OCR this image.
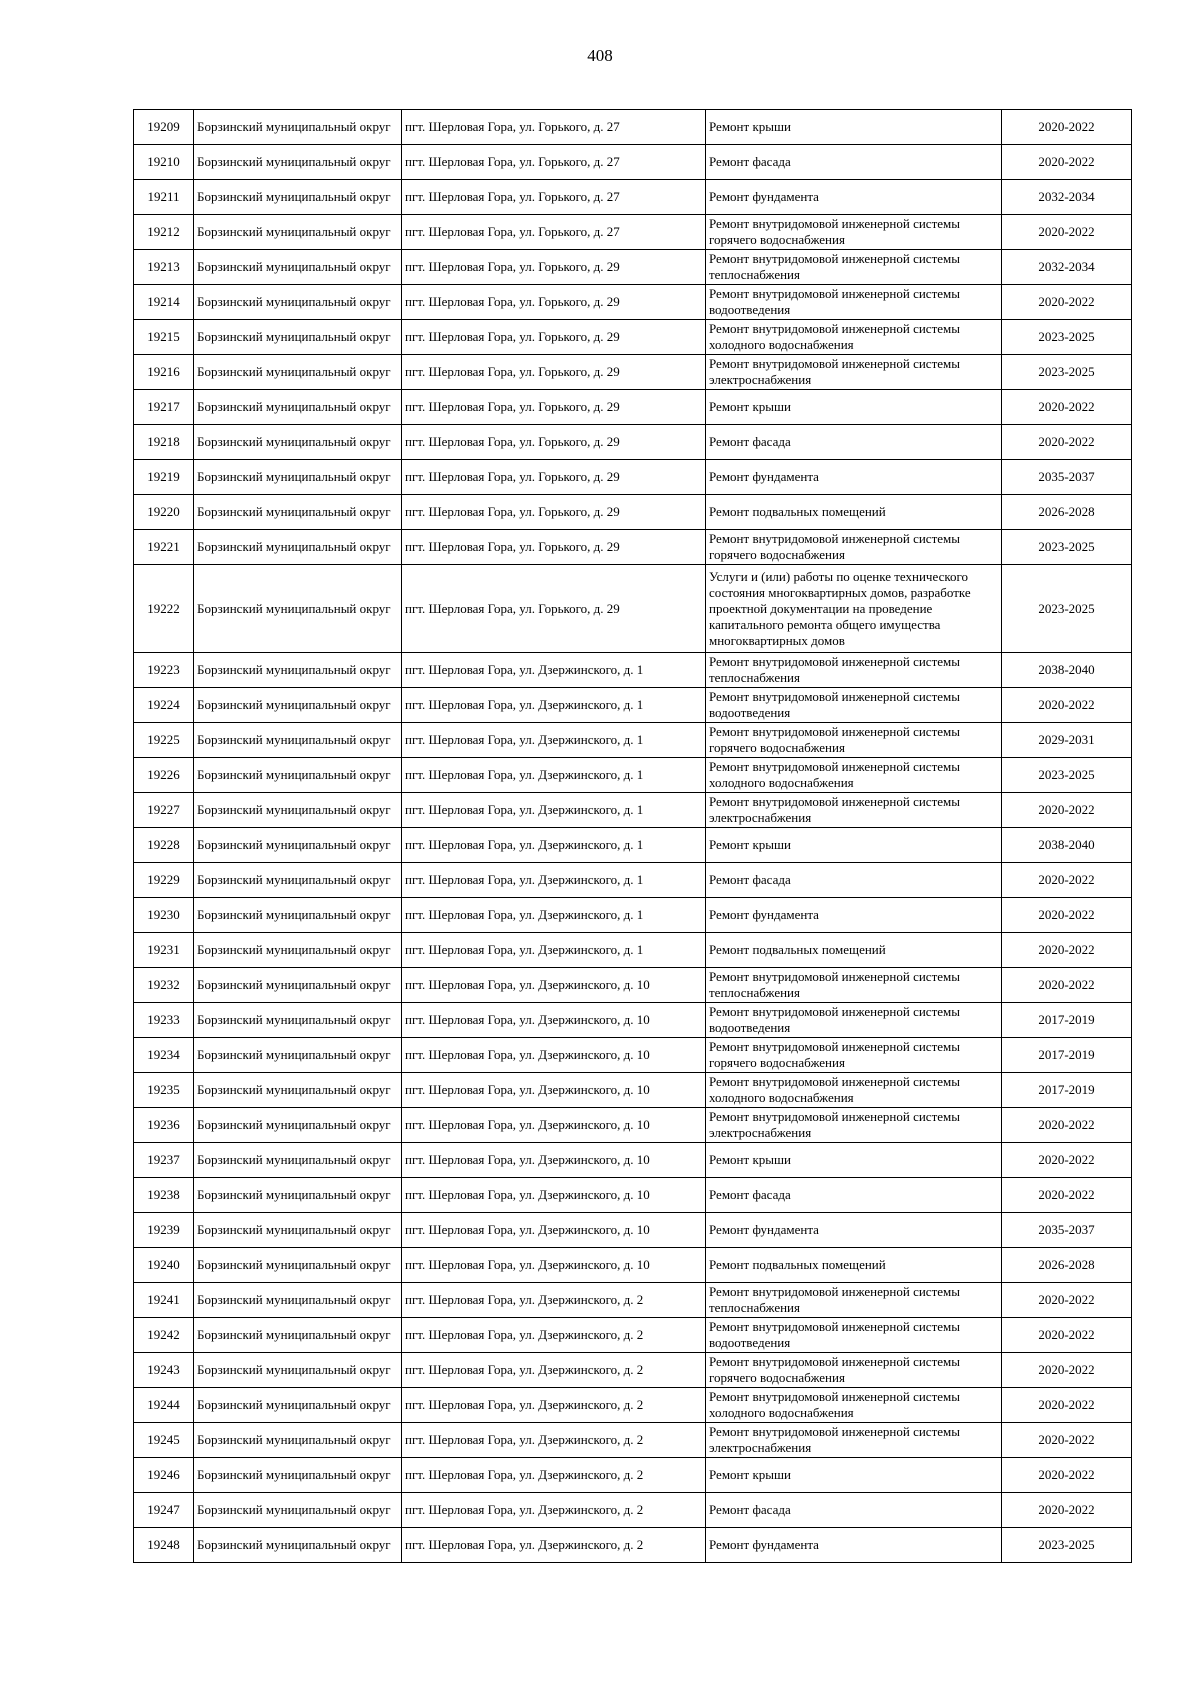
408
19209	Борзинский муниципальный округ	пгт. Шерловая Гора, ул. Горького, д. 27	Ремонт крыши	2020-2022
19210	Борзинский муниципальный округ	пгт. Шерловая Гора, ул. Горького, д. 27	Ремонт фасада	2020-2022
19211	Борзинский муниципальный округ	пгт. Шерловая Гора, ул. Горького, д. 27	Ремонт фундамента	2032-2034
19212	Борзинский муниципальный округ	пгт. Шерловая Гора, ул. Горького, д. 27	Ремонт внутридомовой инженерной системы горячего водоснабжения	2020-2022
19213	Борзинский муниципальный округ	пгт. Шерловая Гора, ул. Горького, д. 29	Ремонт внутридомовой инженерной системы теплоснабжения	2032-2034
19214	Борзинский муниципальный округ	пгт. Шерловая Гора, ул. Горького, д. 29	Ремонт внутридомовой инженерной системы водоотведения	2020-2022
19215	Борзинский муниципальный округ	пгт. Шерловая Гора, ул. Горького, д. 29	Ремонт внутридомовой инженерной системы холодного водоснабжения	2023-2025
19216	Борзинский муниципальный округ	пгт. Шерловая Гора, ул. Горького, д. 29	Ремонт внутридомовой инженерной системы электроснабжения	2023-2025
19217	Борзинский муниципальный округ	пгт. Шерловая Гора, ул. Горького, д. 29	Ремонт крыши	2020-2022
19218	Борзинский муниципальный округ	пгт. Шерловая Гора, ул. Горького, д. 29	Ремонт фасада	2020-2022
19219	Борзинский муниципальный округ	пгт. Шерловая Гора, ул. Горького, д. 29	Ремонт фундамента	2035-2037
19220	Борзинский муниципальный округ	пгт. Шерловая Гора, ул. Горького, д. 29	Ремонт подвальных помещений	2026-2028
19221	Борзинский муниципальный округ	пгт. Шерловая Гора, ул. Горького, д. 29	Ремонт внутридомовой инженерной системы горячего водоснабжения	2023-2025
19222	Борзинский муниципальный округ	пгт. Шерловая Гора, ул. Горького, д. 29	Услуги и (или) работы по оценке технического состояния многоквартирных домов, разработке проектной документации на проведение капитального ремонта общего имущества многоквартирных домов	2023-2025
19223	Борзинский муниципальный округ	пгт. Шерловая Гора, ул. Дзержинского, д. 1	Ремонт внутридомовой инженерной системы теплоснабжения	2038-2040
19224	Борзинский муниципальный округ	пгт. Шерловая Гора, ул. Дзержинского, д. 1	Ремонт внутридомовой инженерной системы водоотведения	2020-2022
19225	Борзинский муниципальный округ	пгт. Шерловая Гора, ул. Дзержинского, д. 1	Ремонт внутридомовой инженерной системы горячего водоснабжения	2029-2031
19226	Борзинский муниципальный округ	пгт. Шерловая Гора, ул. Дзержинского, д. 1	Ремонт внутридомовой инженерной системы холодного водоснабжения	2023-2025
19227	Борзинский муниципальный округ	пгт. Шерловая Гора, ул. Дзержинского, д. 1	Ремонт внутридомовой инженерной системы электроснабжения	2020-2022
19228	Борзинский муниципальный округ	пгт. Шерловая Гора, ул. Дзержинского, д. 1	Ремонт крыши	2038-2040
19229	Борзинский муниципальный округ	пгт. Шерловая Гора, ул. Дзержинского, д. 1	Ремонт фасада	2020-2022
19230	Борзинский муниципальный округ	пгт. Шерловая Гора, ул. Дзержинского, д. 1	Ремонт фундамента	2020-2022
19231	Борзинский муниципальный округ	пгт. Шерловая Гора, ул. Дзержинского, д. 1	Ремонт подвальных помещений	2020-2022
19232	Борзинский муниципальный округ	пгт. Шерловая Гора, ул. Дзержинского, д. 10	Ремонт внутридомовой инженерной системы теплоснабжения	2020-2022
19233	Борзинский муниципальный округ	пгт. Шерловая Гора, ул. Дзержинского, д. 10	Ремонт внутридомовой инженерной системы водоотведения	2017-2019
19234	Борзинский муниципальный округ	пгт. Шерловая Гора, ул. Дзержинского, д. 10	Ремонт внутридомовой инженерной системы горячего водоснабжения	2017-2019
19235	Борзинский муниципальный округ	пгт. Шерловая Гора, ул. Дзержинского, д. 10	Ремонт внутридомовой инженерной системы холодного водоснабжения	2017-2019
19236	Борзинский муниципальный округ	пгт. Шерловая Гора, ул. Дзержинского, д. 10	Ремонт внутридомовой инженерной системы электроснабжения	2020-2022
19237	Борзинский муниципальный округ	пгт. Шерловая Гора, ул. Дзержинского, д. 10	Ремонт крыши	2020-2022
19238	Борзинский муниципальный округ	пгт. Шерловая Гора, ул. Дзержинского, д. 10	Ремонт фасада	2020-2022
19239	Борзинский муниципальный округ	пгт. Шерловая Гора, ул. Дзержинского, д. 10	Ремонт фундамента	2035-2037
19240	Борзинский муниципальный округ	пгт. Шерловая Гора, ул. Дзержинского, д. 10	Ремонт подвальных помещений	2026-2028
19241	Борзинский муниципальный округ	пгт. Шерловая Гора, ул. Дзержинского, д. 2	Ремонт внутридомовой инженерной системы теплоснабжения	2020-2022
19242	Борзинский муниципальный округ	пгт. Шерловая Гора, ул. Дзержинского, д. 2	Ремонт внутридомовой инженерной системы водоотведения	2020-2022
19243	Борзинский муниципальный округ	пгт. Шерловая Гора, ул. Дзержинского, д. 2	Ремонт внутридомовой инженерной системы горячего водоснабжения	2020-2022
19244	Борзинский муниципальный округ	пгт. Шерловая Гора, ул. Дзержинского, д. 2	Ремонт внутридомовой инженерной системы холодного водоснабжения	2020-2022
19245	Борзинский муниципальный округ	пгт. Шерловая Гора, ул. Дзержинского, д. 2	Ремонт внутридомовой инженерной системы электроснабжения	2020-2022
19246	Борзинский муниципальный округ	пгт. Шерловая Гора, ул. Дзержинского, д. 2	Ремонт крыши	2020-2022
19247	Борзинский муниципальный округ	пгт. Шерловая Гора, ул. Дзержинского, д. 2	Ремонт фасада	2020-2022
19248	Борзинский муниципальный округ	пгт. Шерловая Гора, ул. Дзержинского, д. 2	Ремонт фундамента	2023-2025
